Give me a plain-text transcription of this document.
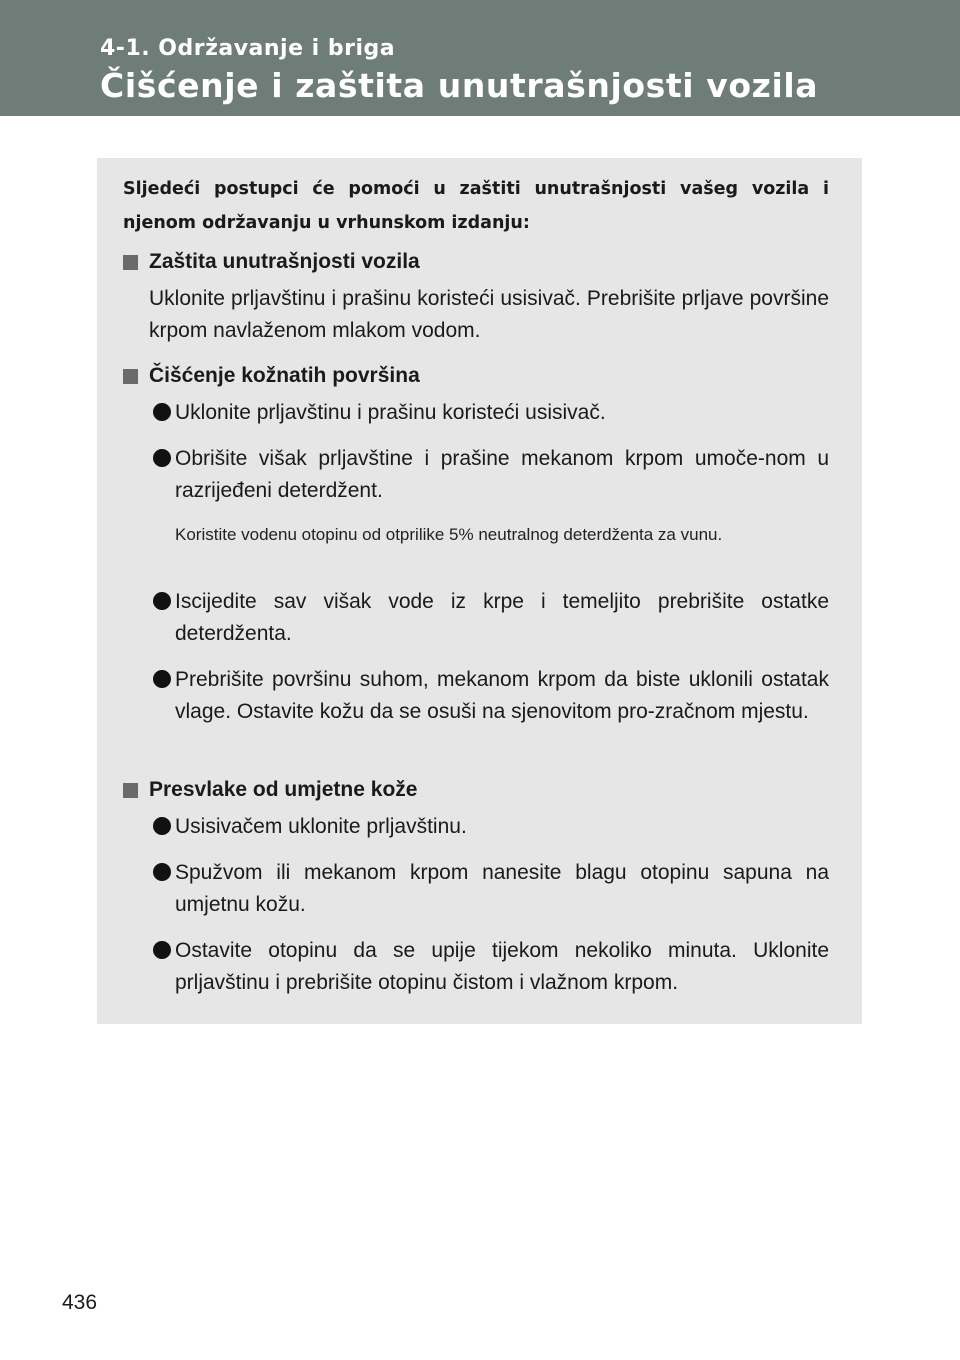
4-1. Održavanje i briga
Čišćenje i zaštita unutrašnjosti vozila
Sljedeći postupci će pomoći u zaštiti unutrašnjosti vašeg vozila i njenom održavanju u vrhunskom izdanju:
Zaštita unutrašnjosti vozila
Uklonite prljavštinu i prašinu koristeći usisivač. Prebrišite prljave površine krpom navlaženom mlakom vodom.
Čišćenje kožnatih površina
Uklonite prljavštinu i prašinu koristeći usisivač.
Obrišite višak prljavštine i prašine mekanom krpom umoče-nom u razrijeđeni deterdžent.
Koristite vodenu otopinu od otprilike 5% neutralnog deterdženta za vunu.
Iscijedite sav višak vode iz krpe i temeljito prebrišite ostatke deterdženta.
Prebrišite površinu suhom, mekanom krpom da biste uklonili ostatak vlage. Ostavite kožu da se osuši na sjenovitom pro-zračnom mjestu.
Presvlake od umjetne kože
Usisivačem uklonite prljavštinu.
Spužvom ili mekanom krpom nanesite blagu otopinu sapuna na umjetnu kožu.
Ostavite otopinu da se upije tijekom nekoliko minuta. Uklonite prljavštinu i prebrišite otopinu čistom i vlažnom krpom.
436
